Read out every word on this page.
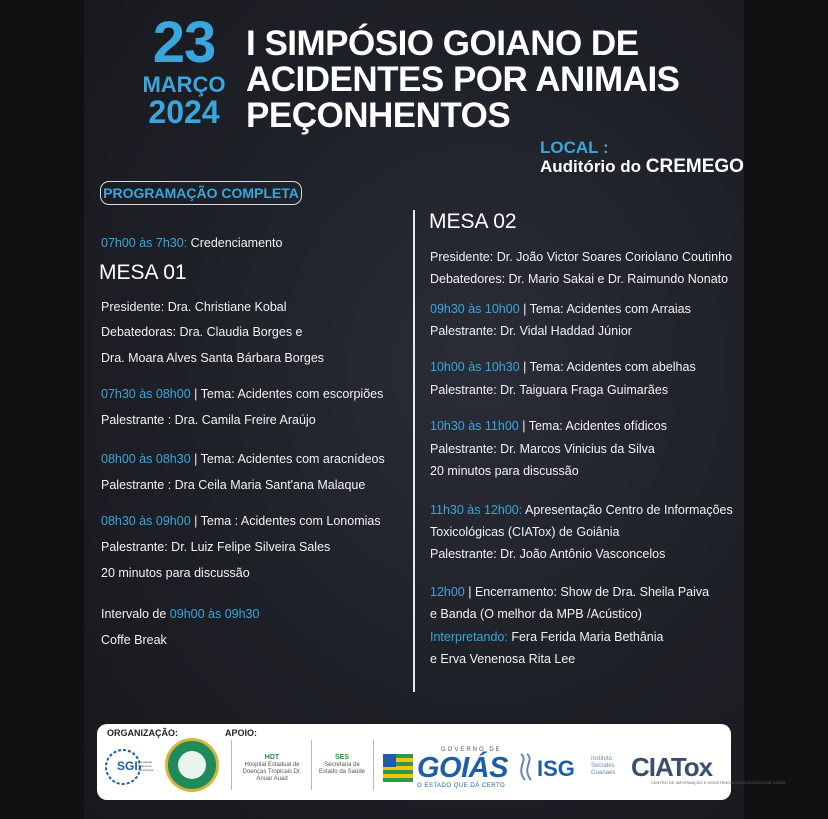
23
MARÇO
2024
I SIMPÓSIO GOIANO DE
ACIDENTES POR ANIMAIS
PEÇONHENTOS
LOCAL :
Auditório do CREMEGO
PROGRAMAÇÃO COMPLETA
07h00 às 7h30: Credenciamento
MESA 01
Presidente: Dra. Christiane Kobal
Debatedoras: Dra. Claudia Borges e
Dra. Moara Alves Santa Bárbara Borges
07h30 às 08h00 | Tema: Acidentes com escorpiões
Palestrante : Dra. Camila Freire Araújo
08h00 às 08h30 | Tema: Acidentes com aracnídeos
Palestrante : Dra Ceila Maria Sant'ana Malaque
08h30 às 09h00 | Tema : Acidentes com Lonomias
Palestrante: Dr. Luiz Felipe Silveira Sales
20 minutos para discussão
Intervalo de 09h00 às 09h30
Coffe Break
MESA 02
Presidente: Dr. João Victor Soares Coriolano Coutinho
Debatedores: Dr. Mario Sakai e Dr. Raimundo Nonato
09h30 às 10h00 | Tema: Acidentes com Arraias
Palestrante: Dr. Vidal Haddad Júnior
10h00 às 10h30 | Tema: Acidentes com abelhas
Palestrante: Dr. Taiguara Fraga Guimarães
10h30 às 11h00 | Tema: Acidentes ofídicos
Palestrante: Dr. Marcos Vinicius da Silva
20 minutos para discussão
11h30 às 12h00: Apresentação Centro de Informações
Toxicológicas (CIATox) de Goiânia
Palestrante: Dr. João Antônio Vasconcelos
12h00 | Encerramento: Show de Dra. Sheila Paiva
e Banda (O melhor da MPB /Acústico)
Interpretando: Fera Ferida Maria Bethânia
e Erva Venenosa Rita Lee
ORGANIZAÇÃO:	APOIO:
SGI Sociedade Goiana de Infectologia
HDT
Hospital Estadual de Doenças Tropicais Dr. Anuar Auad
SES
Secretaria de Estado da Saúde
GOVERNO DE
GOIÁS
O ESTADO QUE DÁ CERTO
ISG	Instituto Sócrates Guanaes CIATox
CENTRO DE INFORMAÇÃO E ASSISTÊNCIA TOXICOLÓGICA DE GOIÁS
